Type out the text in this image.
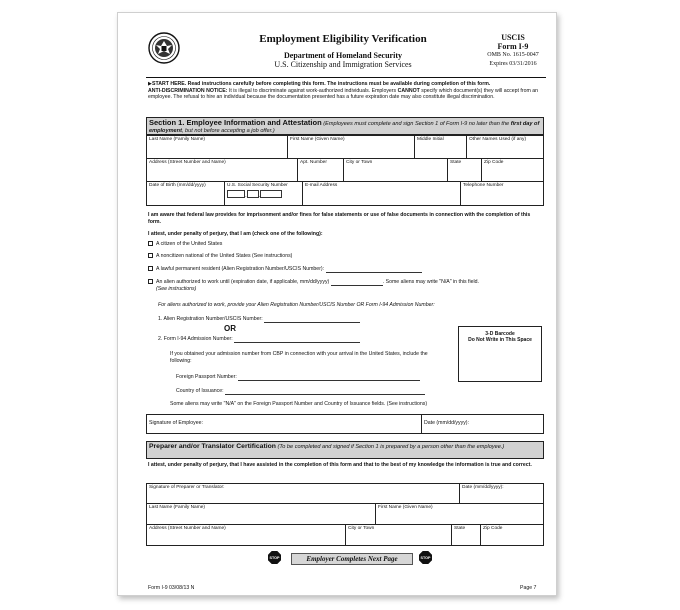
Employment Eligibility Verification
Department of Homeland Security
U.S. Citizenship and Immigration Services
USCIS
Form I-9
OMB No. 1615-0047
Expires 03/31/2016
▶START HERE. Read instructions carefully before completing this form. The instructions must be available during completion of this form.
ANTI-DISCRIMINATION NOTICE: It is illegal to discriminate against work-authorized individuals. Employers CANNOT specify which document(s) they will accept from an employee. The refusal to hire an individual because the documentation presented has a future expiration date may also constitute illegal discrimination.
Section 1. Employee Information and Attestation (Employees must complete and sign Section 1 of Form I-9 no later than the first day of employment, but not before accepting a job offer.)
Last Name (Family Name)	First Name (Given Name)	Middle Initial	Other Names Used (if any)
Address (Street Number and Name)	Apt. Number	City or Town	State	Zip Code
Date of Birth (mm/dd/yyyy)	U.S. Social Security Number
-	-
E-mail Address	Telephone Number
I am aware that federal law provides for imprisonment and/or fines for false statements or use of false documents in connection with the completion of this form.
I attest, under penalty of perjury, that I am (check one of the following):
A citizen of the United States
A noncitizen national of the United States (See instructions)
A lawful permanent resident (Alien Registration Number/USCIS Number):
An alien authorized to work until (expiration date, if applicable, mm/dd/yyyy)	. Some aliens may write "N/A" in this field.
(See instructions)
For aliens authorized to work, provide your Alien Registration Number/USCIS Number OR Form I-94 Admission Number:
1. Alien Registration Number/USCIS Number:
OR
2. Form I-94 Admission Number:
If you obtained your admission number from CBP in connection with your arrival in the United States, include the following:
Foreign Passport Number:
Country of Issuance:
Some aliens may write "N/A" on the Foreign Passport Number and Country of Issuance fields. (See instructions)
3-D Barcode
Do Not Write in This Space
Signature of Employee:	Date (mm/dd/yyyy):
Preparer and/or Translator Certification (To be completed and signed if Section 1 is prepared by a person other than the employee.)
I attest, under penalty of perjury, that I have assisted in the completion of this form and that to the best of my knowledge the information is true and correct.
Signature of Preparer or Translator:	Date (mm/dd/yyyy):
Last Name (Family Name)	First Name (Given Name)
Address (Street Number and Name)	City or Town	State	Zip Code
STOP	Employer Completes Next Page	STOP
Form I-9 03/08/13 N	Page 7
